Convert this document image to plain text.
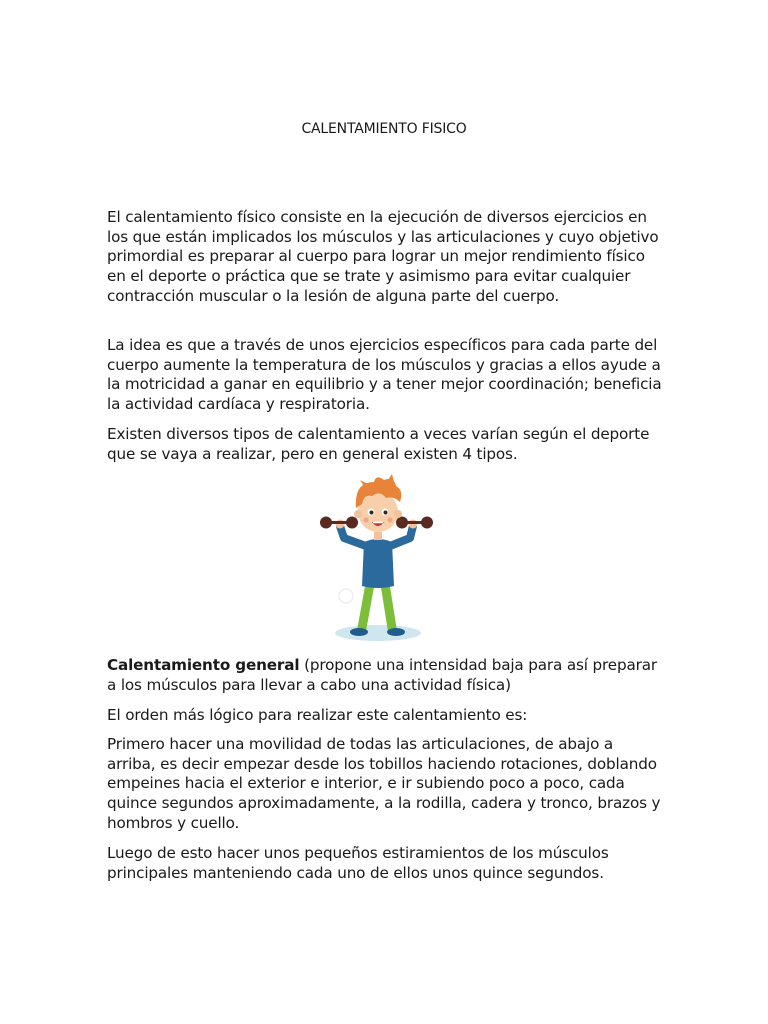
CALENTAMIENTO FISICO

El calentamiento físico consiste en la ejecución de diversos ejercicios en los que están implicados los músculos y las articulaciones y cuyo objetivo primordial es preparar al cuerpo para lograr un mejor rendimiento físico en el deporte o práctica que se trate y asimismo para evitar cualquier contracción muscular o la lesión de alguna parte del cuerpo.

La idea es que a través de unos ejercicios específicos para cada parte del cuerpo aumente la temperatura de los músculos y gracias a ellos ayude a la motricidad a ganar en equilibrio y a tener mejor coordinación; beneficia la actividad cardíaca y respiratoria.

Existen diversos tipos de calentamiento a veces varían según el deporte que se vaya a realizar, pero en general existen 4 tipos.

Calentamiento general (propone una intensidad baja para así preparar a los músculos para llevar a cabo una actividad física)

El orden más lógico para realizar este calentamiento es:

Primero hacer una movilidad de todas las articulaciones, de abajo a arriba, es decir empezar desde los tobillos haciendo rotaciones, doblando empeines hacia el exterior e interior, e ir subiendo poco a poco, cada quince segundos aproximadamente, a la rodilla, cadera y tronco, brazos y hombros y cuello.

Luego de esto hacer unos pequeños estiramientos de los músculos principales manteniendo cada uno de ellos unos quince segundos.
